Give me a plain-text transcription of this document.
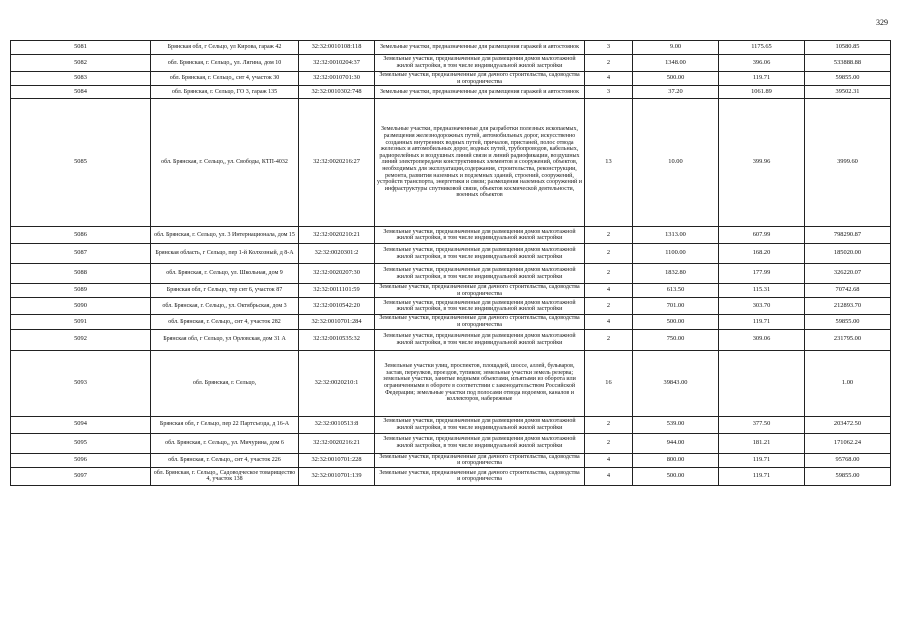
329
5081	Брянская обл, г Сельцо, ул Кирова, гараж 42	32:32:0010108:118	Земельные участки, предназначенные для размещения гаражей и автостоянок	3	9.00	1175.65	10580.85
5082	обл. Брянская, г. Сельцо,, ул. Лягина, дом 10	32:32:0010204:37	Земельные участки, предназначенные для размещения домов малоэтажной жилой застройки, в том числе индивидуальной жилой застройки	2	1348.00	396.06	533888.88
5083	обл. Брянская, г. Сельцо,, снт 4, участок 30	32:32:0010701:30	Земельные участки, предназначенные для дачного строительства, садоводства и огородничества	4	500.00	119.71	59855.00
5084	обл. Брянская, г. Сельцо, ГО 3, гараж 135	32:32:0010302:748	Земельные участки, предназначенные для размещения гаражей и автостоянок	3	37.20	1061.89	39502.31
5085	обл. Брянская, г. Сельцо,, ул. Свободы, КТП-4032	32:32:0020216:27	Земельные участки, предназначенные для разработки полезных ископаемых, размещения железнодорожных путей, автомобильных дорог, искусственно созданных внутренних водных путей, причалов, пристаней, полос отвода железных и автомобильных дорог, водных путей, трубопроводов, кабельных, радиорелейных и воздушных линий связи и линий радиофикации, воздушных линий электропередачи конструктивных элементов и сооружений, объектов, необходимых для эксплуатации,содержания, строительства, реконструкции, ремонта, развития наземных и подземных зданий, строений, сооружений, устройств транспорта, энергетики и связи; размещения наземных сооружений и инфраструктуры спутниковой связи, объектов космической деятельности, военных объектов	13	10.00	399.96	3999.60
5086	обл. Брянская, г. Сельцо, ул. 3 Интернационала, дом 15	32:32:0020210:21	Земельные участки, предназначенные для размещения домов малоэтажной жилой застройки, в том числе индивидуальной жилой застройки	2	1313.00	607.99	798290.87
5087	Брянская область, г Сельцо, пер 1-й Колхозный, д 8-А	32:32:0020301:2	Земельные участки, предназначенные для размещения домов малоэтажной жилой застройки, в том числе индивидуальной жилой застройки	2	1100.00	168.20	185020.00
5088	обл. Брянская, г. Сельцо, ул. Школьная, дом 9	32:32:0020207:30	Земельные участки, предназначенные для размещения домов малоэтажной жилой застройки, в том числе индивидуальной жилой застройки	2	1832.80	177.99	326220.07
5089	Брянская обл, г Сельцо, тер снт 6, участок 87	32:32:0011101:59	Земельные участки, предназначенные для дачного строительства, садоводства и огородничества	4	613.50	115.31	70742.68
5090	обл. Брянская, г. Сельцо,, ул. Октябрьская, дом 3	32:32:0010542:20	Земельные участки, предназначенные для размещения домов малоэтажной жилой застройки, в том числе индивидуальной жилой застройки	2	701.00	303.70	212893.70
5091	обл. Брянская, г. Сельцо,, снт 4, участок 282	32:32:0010701:284	Земельные участки, предназначенные для дачного строительства, садоводства и огородничества	4	500.00	119.71	59855.00
5092	Брянская обл, г Сельцо, ул Орловская, дом 31 А	32:32:0010535:32	Земельные участки, предназначенные для размещения домов малоэтажной жилой застройки, в том числе индивидуальной жилой застройки	2	750.00	309.06	231795.00
5093	обл. Брянская, г. Сельцо,	32:32:0020210:1	Земельные участки улиц, проспектов, площадей, шоссе, аллей, бульваров, застав, переулков, проездов, тупиков; земельные участки земель резерва; земельные участки, занятые водными объектами, изъятыми из оборота или ограниченными в обороте в соответствии с законодательством Российской Федерации; земельные участки под полосами отвода водоемов, каналов и коллекторов, набережные	16	39843.00		1.00
5094	Брянская обл, г Сельцо, пер 22 Партсъезда, д 16-А	32:32:0010513:8	Земельные участки, предназначенные для размещения домов малоэтажной жилой застройки, в том числе индивидуальной жилой застройки	2	539.00	377.50	203472.50
5095	обл. Брянская, г. Сельцо,, ул. Мичурина, дом 6	32:32:0020216:21	Земельные участки, предназначенные для размещения домов малоэтажной жилой застройки, в том числе индивидуальной жилой застройки	2	944.00	181.21	171062.24
5096	обл. Брянская, г. Сельцо,, снт 4, участок 226	32:32:0010701:228	Земельные участки, предназначенные для дачного строительства, садоводства и огородничества	4	800.00	119.71	95768.00
5097	обл. Брянская, г. Сельцо,, Садоводческое товарищество 4, участок 138	32:32:0010701:139	Земельные участки, предназначенные для дачного строительства, садоводства и огородничества	4	500.00	119.71	59855.00
